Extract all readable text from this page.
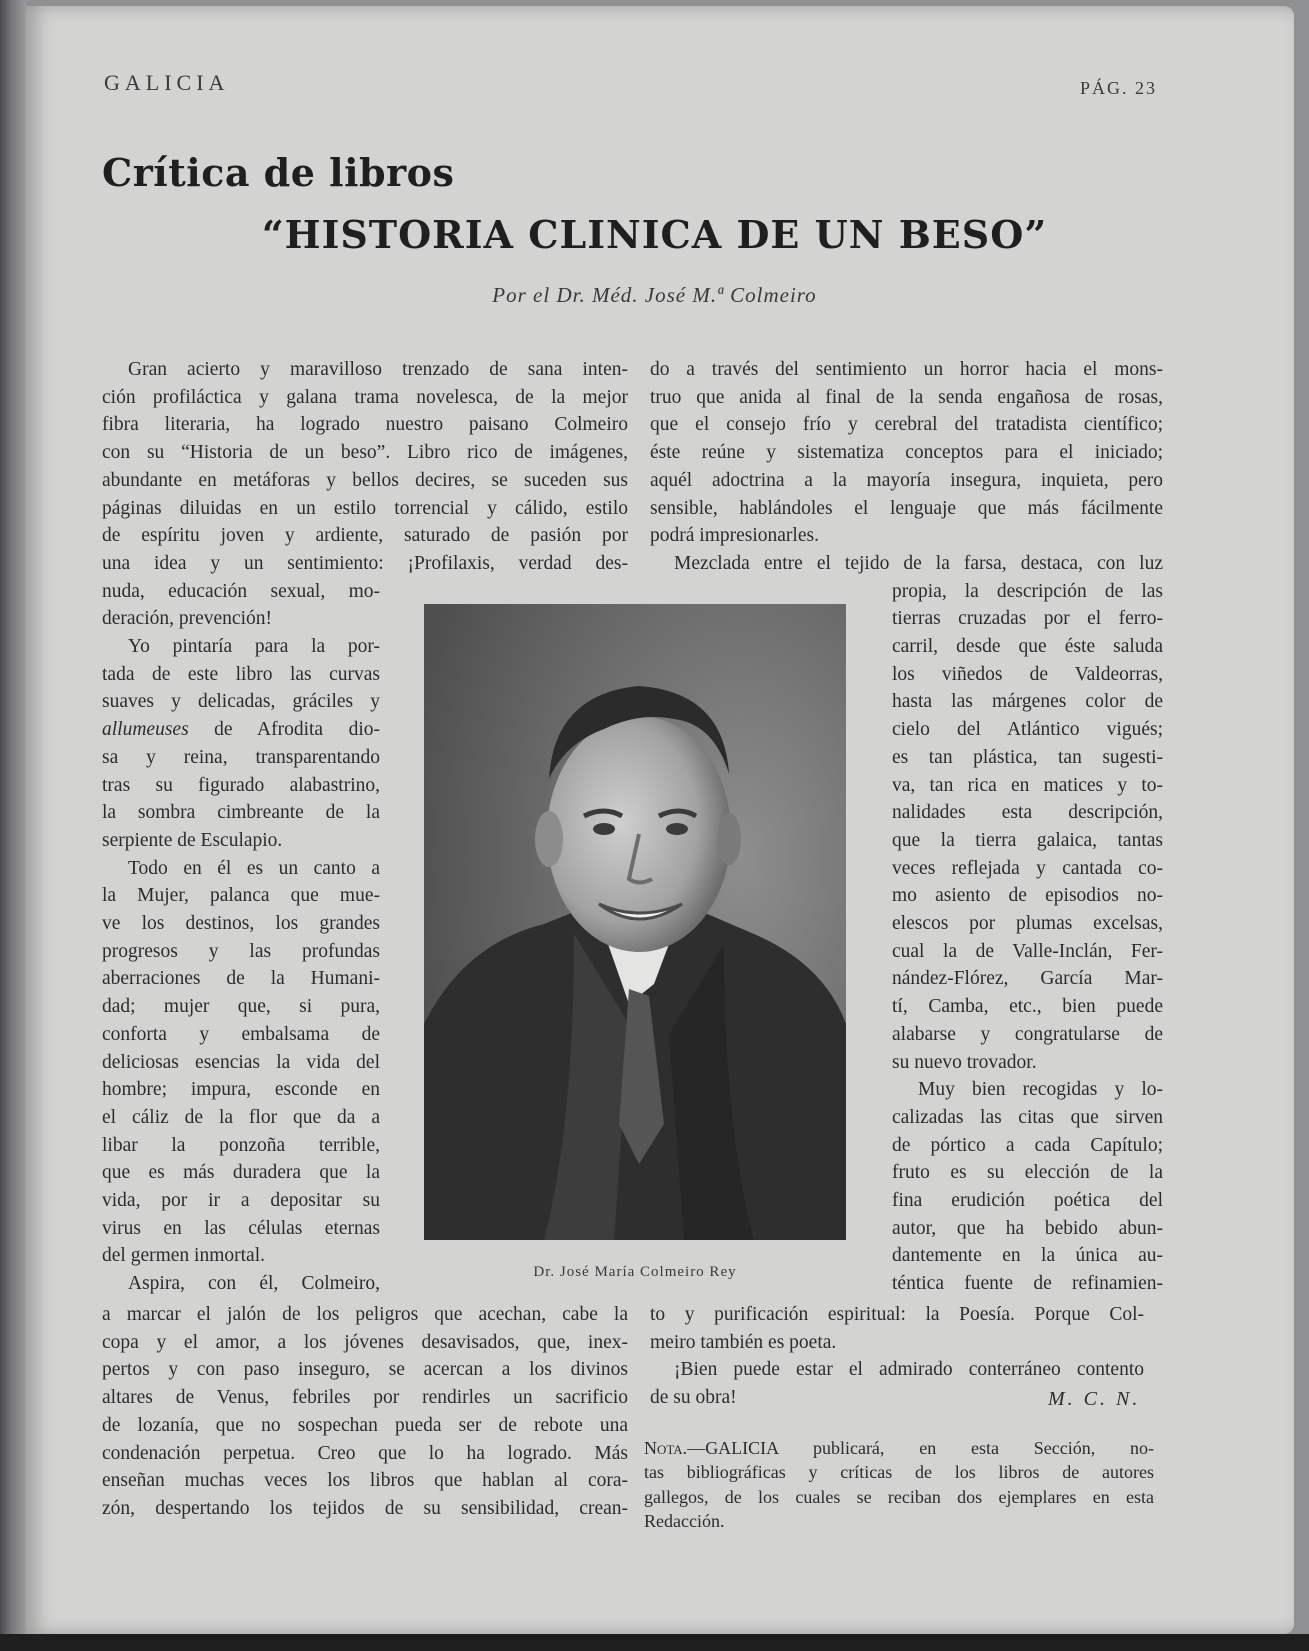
GALICIA	PÁG. 23
Crítica de libros
“HISTORIA CLINICA DE UN BESO”
Por el Dr. Méd. José M.ª Colmeiro
Gran acierto y maravilloso trenzado de sana inten-
ción profiláctica y galana trama novelesca, de la mejor
fibra literaria, ha logrado nuestro paisano Colmeiro
con su “Historia de un beso”. Libro rico de imágenes,
abundante en metáforas y bellos decires, se suceden sus
páginas diluidas en un estilo torrencial y cálido, estilo
de espíritu joven y ardiente, saturado de pasión por
una idea y un sentimiento: ¡Profilaxis, verdad des-
nuda, educación sexual, mo-
deración, prevención!
Yo pintaría para la por-
tada de este libro las curvas
suaves y delicadas, gráciles y
allumeuses de Afrodita dio-
sa y reina, transparentando
tras su figurado alabastrino,
la sombra cimbreante de la
serpiente de Esculapio.
Todo en él es un canto a
la Mujer, palanca que mue-
ve los destinos, los grandes
progresos y las profundas
aberraciones de la Humani-
dad; mujer que, si pura,
conforta y embalsama de
deliciosas esencias la vida del
hombre; impura, esconde en
el cáliz de la flor que da a
libar la ponzoña terrible,
que es más duradera que la
vida, por ir a depositar su
virus en las células eternas
del germen inmortal.
Aspira, con él, Colmeiro,
a marcar el jalón de los peligros que acechan, cabe la
copa y el amor, a los jóvenes desavisados, que, inex-
pertos y con paso inseguro, se acercan a los divinos
altares de Venus, febriles por rendirles un sacrificio
de lozanía, que no sospechan pueda ser de rebote una
condenación perpetua. Creo que lo ha logrado. Más
enseñan muchas veces los libros que hablan al cora-
zón, despertando los tejidos de su sensibilidad, crean-
do a través del sentimiento un horror hacia el mons-
truo que anida al final de la senda engañosa de rosas,
que el consejo frío y cerebral del tratadista científico;
éste reúne y sistematiza conceptos para el iniciado;
aquél adoctrina a la mayoría insegura, inquieta, pero
sensible, hablándoles el lenguaje que más fácilmente
podrá impresionarles.
Mezclada entre el tejido de la farsa, destaca, con luz
propia, la descripción de las
tierras cruzadas por el ferro-
carril, desde que éste saluda
los viñedos de Valdeorras,
hasta las márgenes color de
cielo del Atlántico vigués;
es tan plástica, tan sugesti-
va, tan rica en matices y to-
nalidades esta descripción,
que la tierra galaica, tantas
veces reflejada y cantada co-
mo asiento de episodios no-
elescos por plumas excelsas,
cual la de Valle-Inclán, Fer-
nández-Flórez, García Mar-
tí, Camba, etc., bien puede
alabarse y congratularse de
su nuevo trovador.
Muy bien recogidas y lo-
calizadas las citas que sirven
de pórtico a cada Capítulo;
fruto es su elección de la
fina erudición poética del
autor, que ha bebido abun-
dantemente en la única au-
téntica fuente de refinamien-
to y purificación espiritual: la Poesía. Porque Col-
meiro también es poeta.
¡Bien puede estar el admirado conterráneo contento
de su obra!
Dr. José María Colmeiro Rey
M. C. N.
Nota.—GALICIA publicará, en esta Sección, no-
tas bibliográficas y críticas de los libros de autores
gallegos, de los cuales se reciban dos ejemplares en esta
Redacción.
